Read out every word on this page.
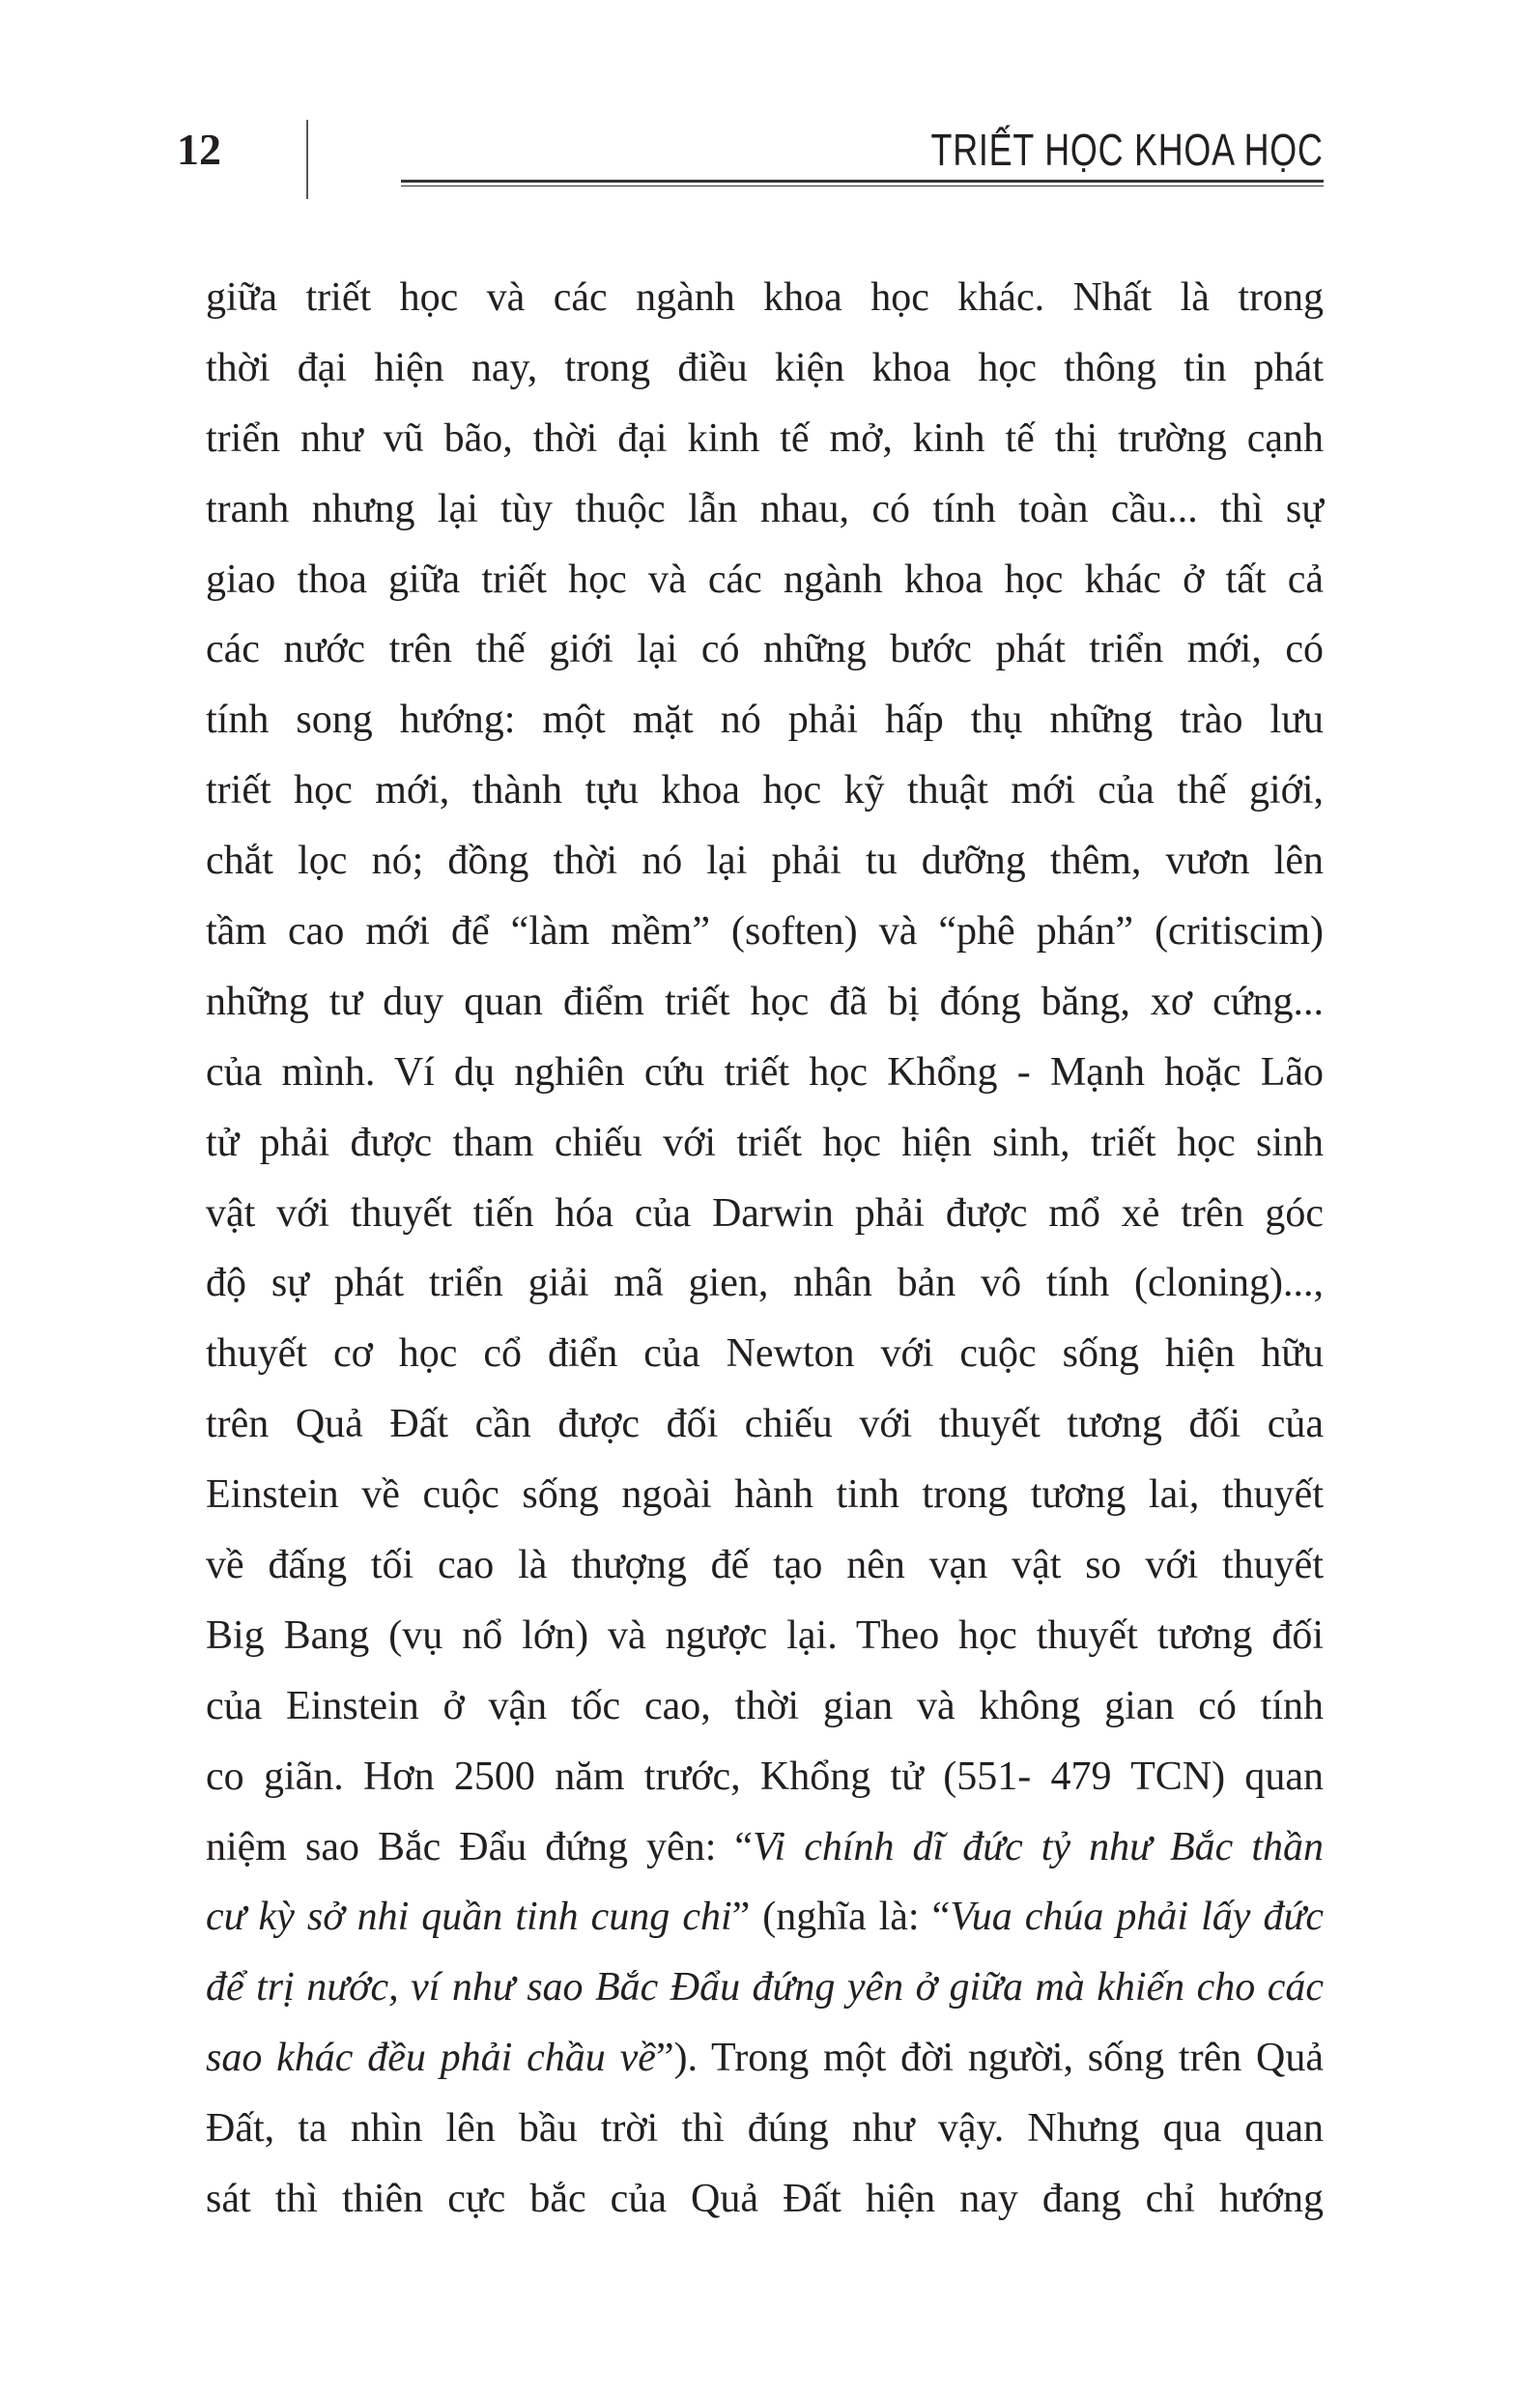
12	TRIẾT HỌC KHOA HỌC
giữa triết học và các ngành khoa học khác. Nhất là trong
thời đại hiện nay, trong điều kiện khoa học thông tin phát
triển như vũ bão, thời đại kinh tế mở, kinh tế thị trường cạnh
tranh nhưng lại tùy thuộc lẫn nhau, có tính toàn cầu... thì sự
giao thoa giữa triết học và các ngành khoa học khác ở tất cả
các nước trên thế giới lại có những bước phát triển mới, có
tính song hướng: một mặt nó phải hấp thụ những trào lưu
triết học mới, thành tựu khoa học kỹ thuật mới của thế giới,
chắt lọc nó; đồng thời nó lại phải tu dưỡng thêm, vươn lên
tầm cao mới để “làm mềm” (soften) và “phê phán” (critiscim)
những tư duy quan điểm triết học đã bị đóng băng, xơ cứng...
của mình. Ví dụ nghiên cứu triết học Khổng - Mạnh hoặc Lão
tử phải được tham chiếu với triết học hiện sinh, triết học sinh
vật với thuyết tiến hóa của Darwin phải được mổ xẻ trên góc
độ sự phát triển giải mã gien, nhân bản vô tính (cloning)...,
thuyết cơ học cổ điển của Newton với cuộc sống hiện hữu
trên Quả Đất cần được đối chiếu với thuyết tương đối của
Einstein về cuộc sống ngoài hành tinh trong tương lai, thuyết
về đấng tối cao là thượng đế tạo nên vạn vật so với thuyết
Big Bang (vụ nổ lớn) và ngược lại. Theo học thuyết tương đối
của Einstein ở vận tốc cao, thời gian và không gian có tính
co giãn. Hơn 2500 năm trước, Khổng tử (551- 479 TCN) quan
niệm sao Bắc Đẩu đứng yên: “Vi chính dĩ đức tỷ như Bắc thần
cư kỳ sở nhi quần tinh cung chi” (nghĩa là: “Vua chúa phải lấy đức
để trị nước, ví như sao Bắc Đẩu đứng yên ở giữa mà khiến cho các
sao khác đều phải chầu về”). Trong một đời người, sống trên Quả
Đất, ta nhìn lên bầu trời thì đúng như vậy. Nhưng qua quan
sát thì thiên cực bắc của Quả Đất hiện nay đang chỉ hướng
